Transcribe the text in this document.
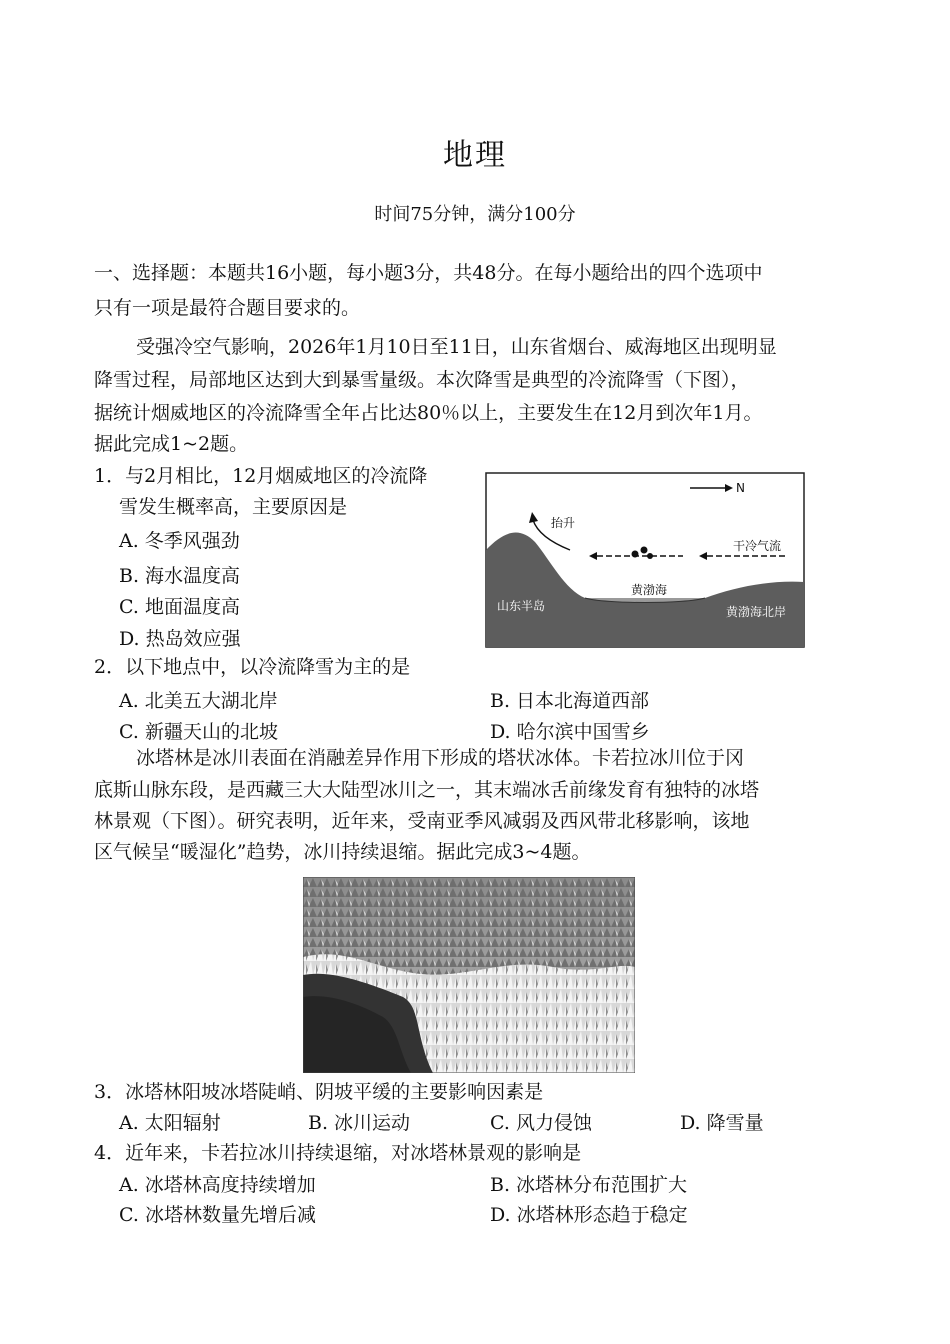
地理
时间75分钟，满分100分
一、选择题：本题共16小题，每小题3分，共48分。在每小题给出的四个选项中
只有一项是最符合题目要求的。
受强冷空气影响，2026年1月10日至11日，山东省烟台、威海地区出现明显
降雪过程，局部地区达到大到暴雪量级。本次降雪是典型的冷流降雪（下图），
据统计烟威地区的冷流降雪全年占比达80％以上，主要发生在12月到次年1月。
据此完成1~2题。
1．与2月相比，12月烟威地区的冷流降
雪发生概率高，主要原因是
A. 冬季风强劲
B. 海水温度高
C. 地面温度高
D. 热岛效应强
N
抬升
干冷气流
黄渤海
山东半岛	黄渤海北岸
2．以下地点中，以冷流降雪为主的是
A. 北美五大湖北岸	B. 日本北海道西部
C. 新疆天山的北坡	D. 哈尔滨中国雪乡
冰塔林是冰川表面在消融差异作用下形成的塔状冰体。卡若拉冰川位于冈
底斯山脉东段，是西藏三大大陆型冰川之一，其末端冰舌前缘发育有独特的冰塔
林景观（下图）。研究表明，近年来，受南亚季风减弱及西风带北移影响，该地
区气候呈“暖湿化”趋势，冰川持续退缩。据此完成3~4题。
3．冰塔林阳坡冰塔陡峭、阴坡平缓的主要影响因素是
A. 太阳辐射	B. 冰川运动	C. 风力侵蚀	D. 降雪量
4．近年来，卡若拉冰川持续退缩，对冰塔林景观的影响是
A. 冰塔林高度持续增加	B. 冰塔林分布范围扩大
C. 冰塔林数量先增后减	D. 冰塔林形态趋于稳定
